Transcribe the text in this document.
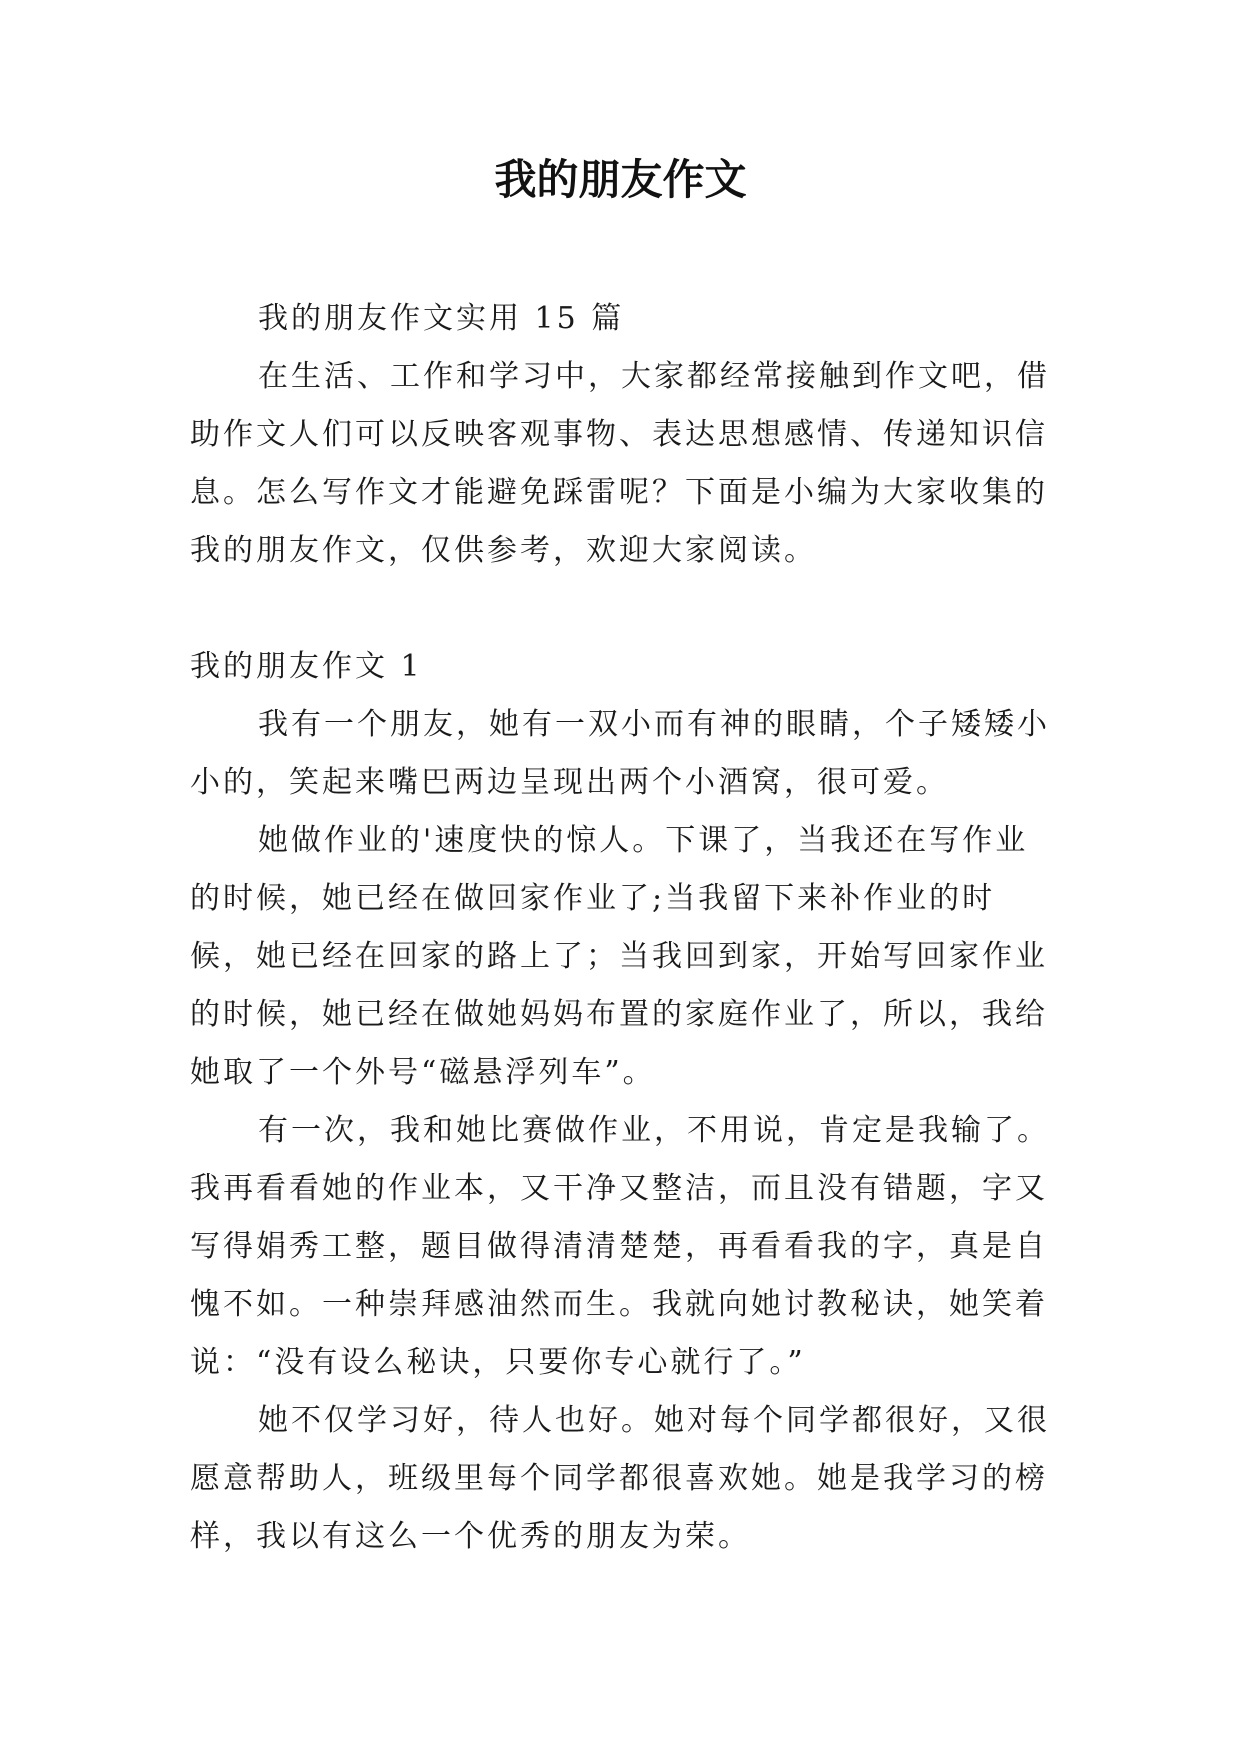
我的朋友作文

我的朋友作文实用 15 篇

在生活、工作和学习中，大家都经常接触到作文吧，借助作文人们可以反映客观事物、表达思想感情、传递知识信息。怎么写作文才能避免踩雷呢？下面是小编为大家收集的我的朋友作文，仅供参考，欢迎大家阅读。

我的朋友作文 1

我有一个朋友，她有一双小而有神的眼睛，个子矮矮小小的，笑起来嘴巴两边呈现出两个小酒窝，很可爱。

她做作业的'速度快的惊人。下课了，当我还在写作业的时候，她已经在做回家作业了;当我留下来补作业的时候，她已经在回家的路上了；当我回到家，开始写回家作业的时候，她已经在做她妈妈布置的家庭作业了，所以，我给她取了一个外号“磁悬浮列车”。

有一次，我和她比赛做作业，不用说，肯定是我输了。我再看看她的作业本，又干净又整洁，而且没有错题，字又写得娟秀工整，题目做得清清楚楚，再看看我的字，真是自愧不如。一种崇拜感油然而生。我就向她讨教秘诀，她笑着说：“没有设么秘诀，只要你专心就行了。”

她不仅学习好，待人也好。她对每个同学都很好，又很愿意帮助人，班级里每个同学都很喜欢她。她是我学习的榜样，我以有这么一个优秀的朋友为荣。
